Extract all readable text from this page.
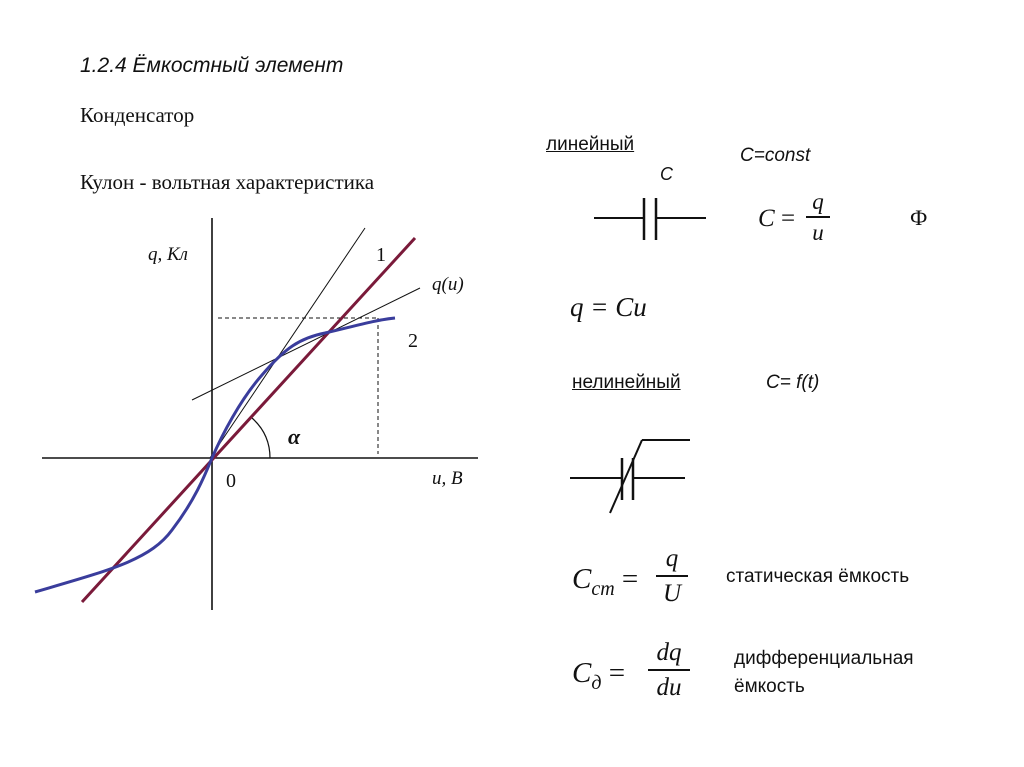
1.2.4 Ёмкостный элемент
Конденсатор
Кулон - вольтная характеристика
q, Кл
u, B
0
q(u)
1
2
α
линейный
C
C=const
C =
q
u
Ф
q = Cu
нелинейный	C= f(t)
$C_{ст}$ =
q
U
статическая ёмкость
$C_д$ =
dq
du
дифференциальная
ёмкость
